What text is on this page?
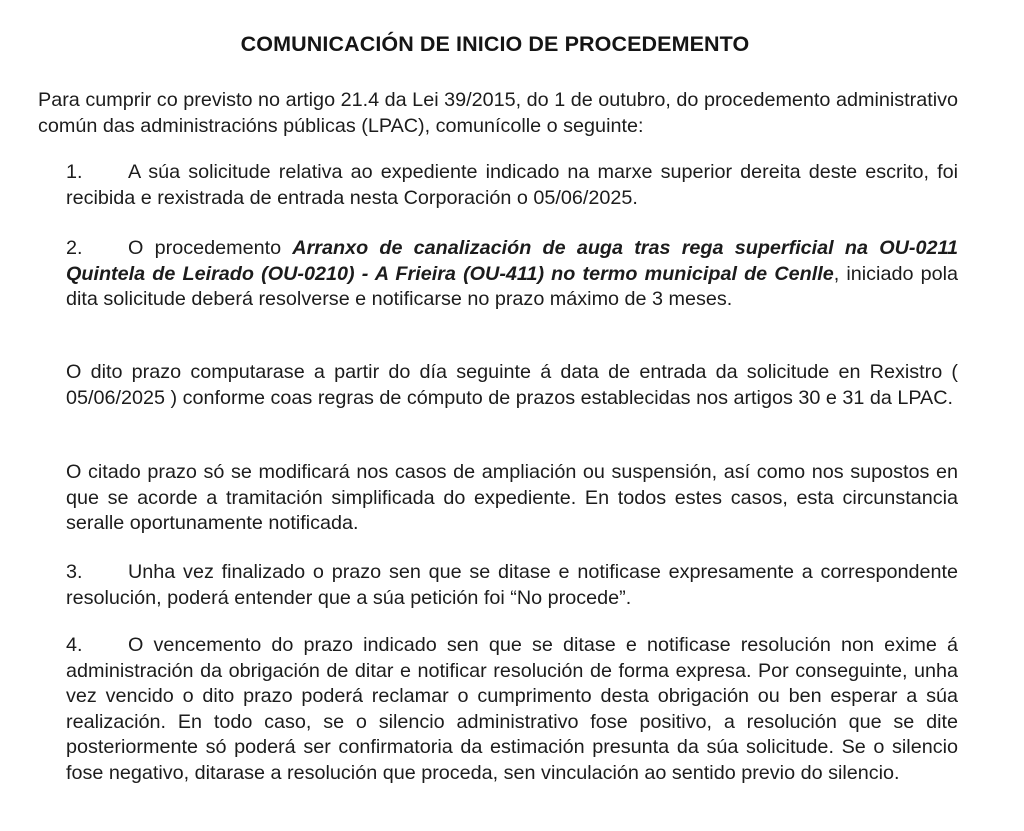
COMUNICACIÓN DE INICIO DE PROCEDEMENTO
Para cumprir co previsto no artigo 21.4 da Lei 39/2015, do 1 de outubro, do procedemento administrativo común das administracións públicas (LPAC), comunícolle o seguinte:
1. A súa solicitude relativa ao expediente indicado na marxe superior dereita deste escrito, foi recibida e rexistrada de entrada nesta Corporación o 05/06/2025.
2. O procedemento Arranxo de canalización de auga tras rega superficial na OU-0211 Quintela de Leirado (OU-0210) - A Frieira (OU-411) no termo municipal de Cenlle, iniciado pola dita solicitude deberá resolverse e notificarse no prazo máximo de 3 meses.
O dito prazo computarase a partir do día seguinte á data de entrada da solicitude en Rexistro ( 05/06/2025 ) conforme coas regras de cómputo de prazos establecidas nos artigos 30 e 31 da LPAC.
O citado prazo só se modificará nos casos de ampliación ou suspensión, así como nos supostos en que se acorde a tramitación simplificada do expediente. En todos estes casos, esta circunstancia seralle oportunamente notificada.
3. Unha vez finalizado o prazo sen que se ditase e notificase expresamente a correspondente resolución, poderá entender que a súa petición foi “No procede”.
4. O vencemento do prazo indicado sen que se ditase e notificase resolución non exime á administración da obrigación de ditar e notificar resolución de forma expresa. Por conseguinte, unha vez vencido o dito prazo poderá reclamar o cumprimento desta obrigación ou ben esperar a súa realización. En todo caso, se o silencio administrativo fose positivo, a resolución que se dite posteriormente só poderá ser confirmatoria da estimación presunta da súa solicitude. Se o silencio fose negativo, ditarase a resolución que proceda, sen vinculación ao sentido previo do silencio.
